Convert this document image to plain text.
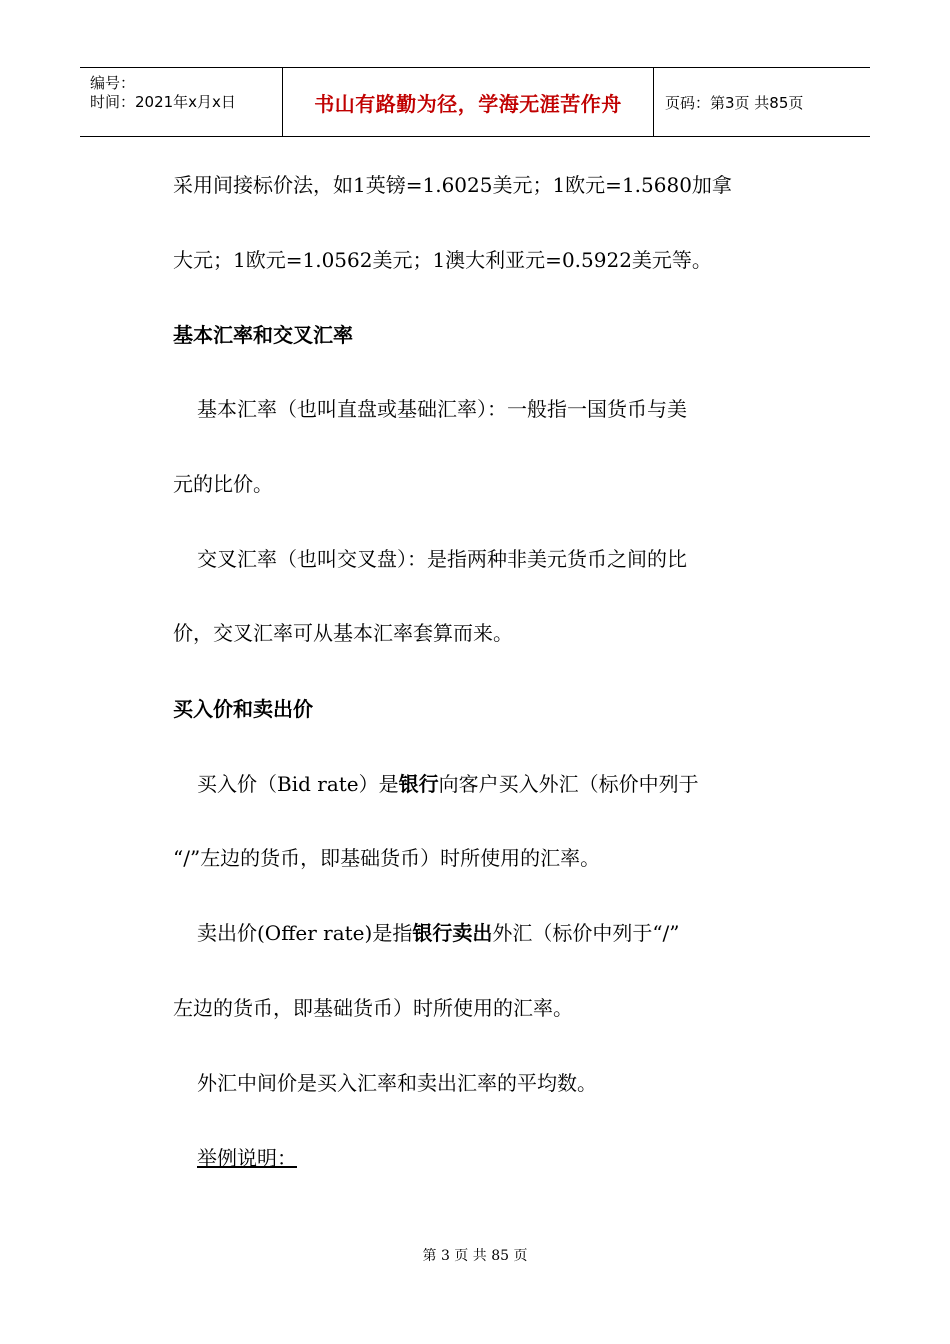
编号：
时间：2021年x月x日	书山有路勤为径，学海无涯苦作舟	页码：第3页 共85页
采用间接标价法，如1英镑=1.6025美元；1欧元=1.5680加拿
大元；1欧元=1.0562美元；1澳大利亚元=0.5922美元等。
基本汇率和交叉汇率
基本汇率（也叫直盘或基础汇率）：一般指一国货币与美
元的比价。
交叉汇率（也叫交叉盘）：是指两种非美元货币之间的比
价，交叉汇率可从基本汇率套算而来。
买入价和卖出价
买入价（Bid rate）是银行向客户买入外汇（标价中列于
“/”左边的货币，即基础货币）时所使用的汇率。
卖出价(Offer rate)是指银行卖出外汇（标价中列于“/”
左边的货币，即基础货币）时所使用的汇率。
外汇中间价是买入汇率和卖出汇率的平均数。
举例说明：
第 3 页 共 85 页
